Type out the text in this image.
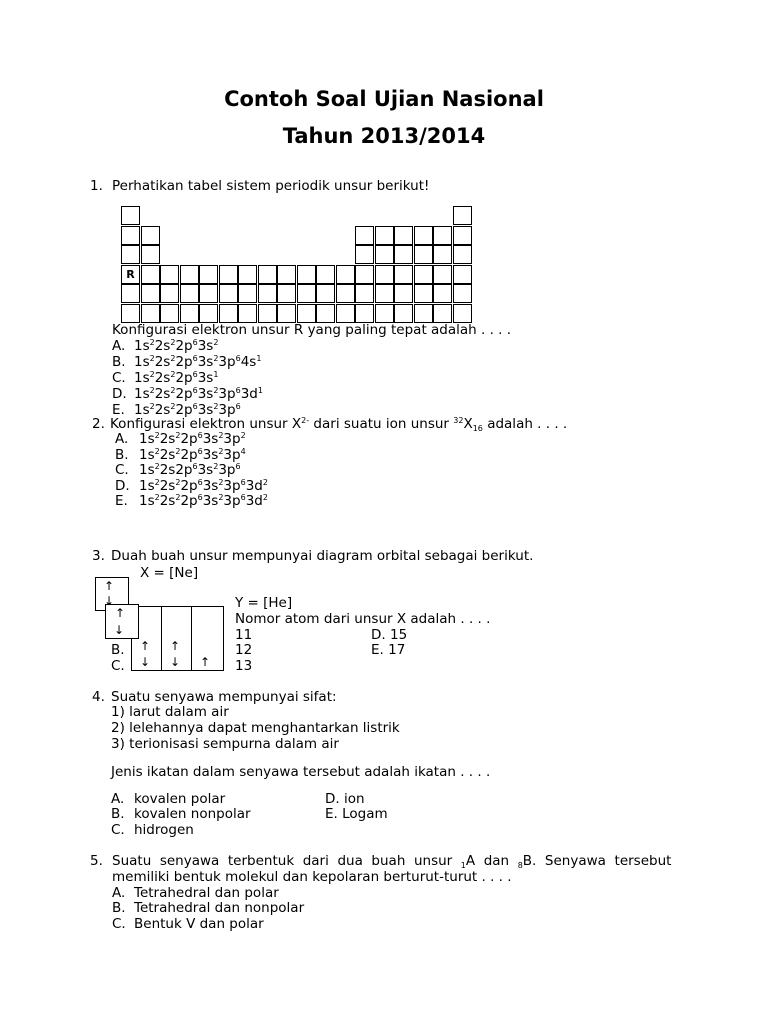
Contoh Soal Ujian Nasional
Tahun 2013/2014
1. Perhatikan tabel sistem periodik unsur berikut!
R
Konfigurasi elektron unsur R yang paling tepat adalah . . . .
A. $1s^22s^22p^63s^2$
B. $1s^22s^22p^63s^23p^64s^1$
C. $1s^22s^22p^63s^1$
D. $1s^22s^22p^63s^23p^63d^1$
E. $1s^22s^22p^63s^23p^6$
2. Konfigurasi elektron unsur $X^{2-}$ dari suatu ion unsur $^{32}X_{16}$ adalah . . . .
A. $1s^22s^22p^63s^23p^2$
B. $1s^22s^22p^63s^23p^4$
C. $1s^22s2p^63s^23p^6$
D. $1s^22s^22p^63s^23p^63d^2$
E. $1s^22s^22p^63s^23p^63d^2$
3. Duah buah unsur mempunyai diagram orbital sebagai berikut.
X = [Ne]
↑
↓
↑
↓
↑ ↑
↓ ↓ ↑
B.
C.
Y = [He]
Nomor atom dari unsur X adalah . . . .
11
12
13
D. 15
E. 17
4. Suatu senyawa mempunyai sifat:
1) larut dalam air
2) lelehannya dapat menghantarkan listrik
3) terionisasi sempurna dalam air
Jenis ikatan dalam senyawa tersebut adalah ikatan . . . .
A. kovalen polar
B. kovalen nonpolar
C. hidrogen
D. ion
E. Logam
5. Suatu  senyawa  terbentuk  dari  dua  buah  unsur  $_1$A  dan  $_8$B.  Senyawa  tersebut
memiliki bentuk molekul dan kepolaran berturut-turut . . . .
A. Tetrahedral dan polar
B. Tetrahedral dan nonpolar
C. Bentuk V dan polar
